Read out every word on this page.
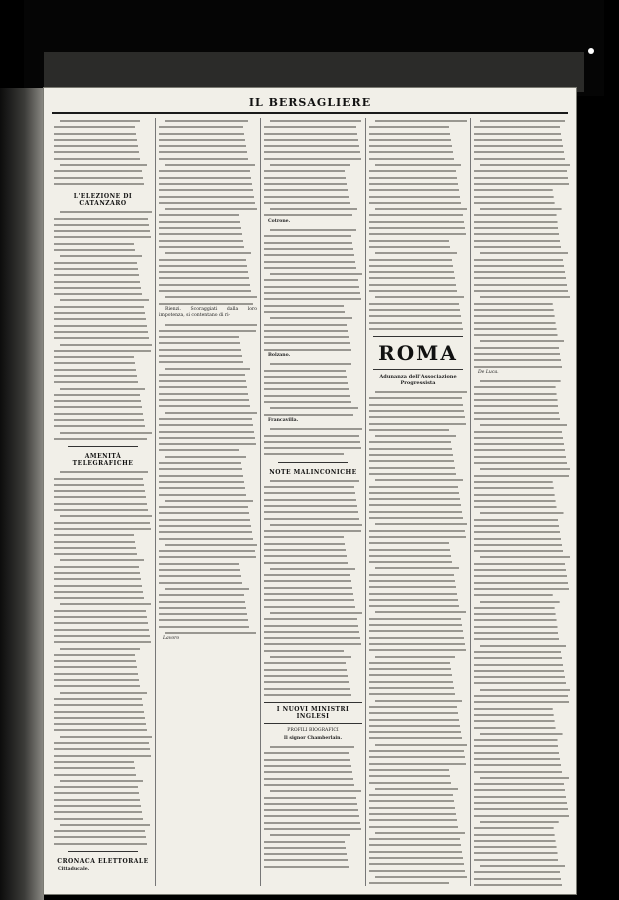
IL BERSAGLIERE

L'ELEZIONE DI CATANZARO

AMENITÀ TELEGRAFICHE

CRONACA ELETTORALE

Cittaducale.

Rienzi. Scoraggiati dalla loro impotenza, si contentano di ri-

Lavoro

Cotrone.

Bolzano.

Francavilla.

NOTE MALINCONICHE

I NUOVI MINISTRI INGLESI
PROFILI BIOGRAFICI
Il signor Chamberlain.

ROMA
Adunanza dell'Associazione Progressista

De Luca.
